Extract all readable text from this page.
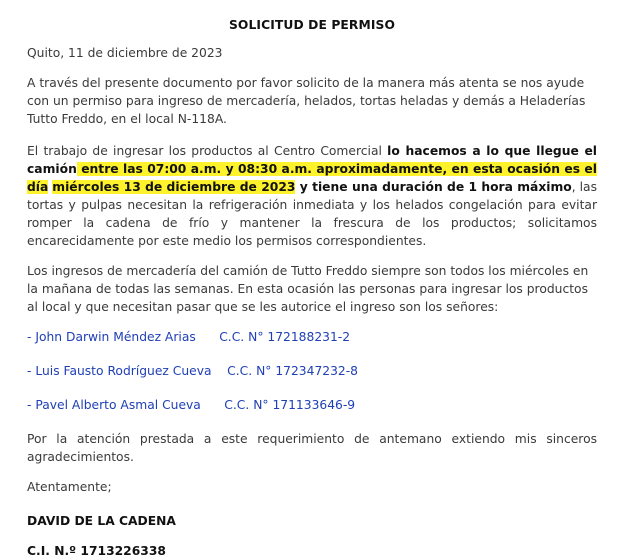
SOLICITUD DE PERMISO

Quito, 11 de diciembre de 2023

A través del presente documento por favor solicito de la manera más atenta se nos ayude con un permiso para ingreso de mercadería, helados, tortas heladas y demás a Heladerías Tutto Freddo, en el local N-118A.

El trabajo de ingresar los productos al Centro Comercial lo hacemos a lo que llegue el camión entre las 07:00 a.m. y 08:30 a.m. aproximadamente, en esta ocasión es el día miércoles 13 de diciembre de 2023 y tiene una duración de 1 hora máximo, las tortas y pulpas necesitan la refrigeración inmediata y los helados congelación para evitar romper la cadena de frío y mantener la frescura de los productos; solicitamos encarecidamente por este medio los permisos correspondientes.

Los ingresos de mercadería del camión de Tutto Freddo siempre son todos los miércoles en la mañana de todas las semanas. En esta ocasión las personas para ingresar los productos al local y que necesitan pasar que se les autorice el ingreso son los señores:

- John Darwin Méndez Arias C.C. N° 172188231-2
- Luis Fausto Rodríguez Cueva C.C. N° 172347232-8
- Pavel Alberto Asmal Cueva C.C. N° 171133646-9

Por la atención prestada a este requerimiento de antemano extiendo mis sinceros agradecimientos.

Atentamente;

DAVID DE LA CADENA
C.I. N.º 1713226338
